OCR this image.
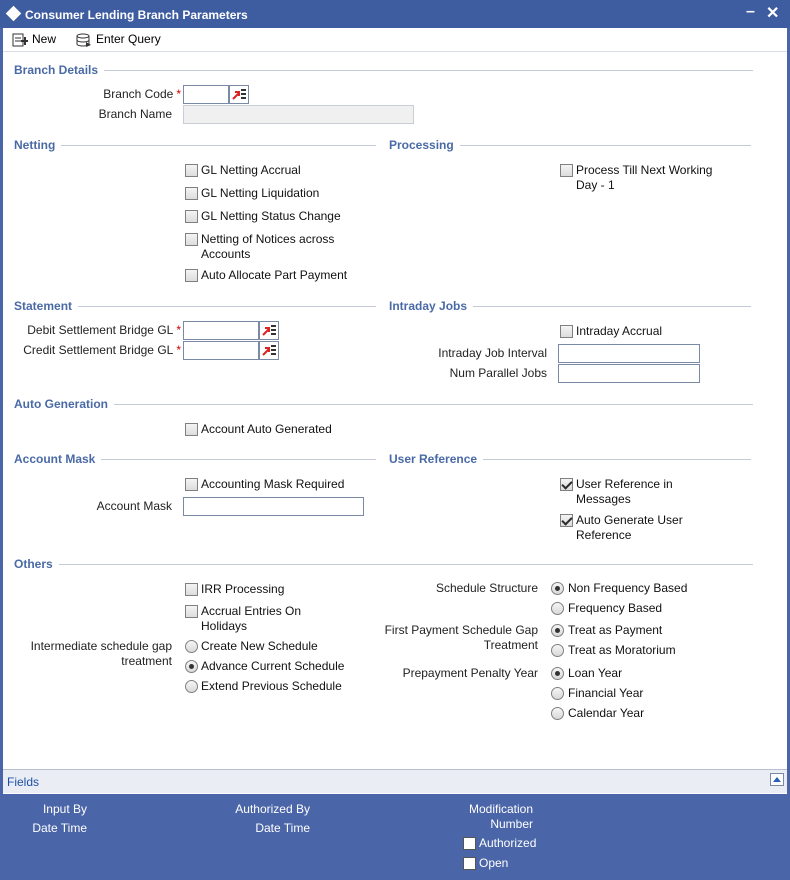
Consumer Lending Branch Parameters	– ✕
New	Enter Query
Branch Details
Branch Code *
Branch Name
Netting
GL Netting Accrual
GL Netting Liquidation
GL Netting Status Change
Netting of Notices across
Accounts
Auto Allocate Part Payment
Processing
Process Till Next Working
Day - 1
Statement
Debit Settlement Bridge GL *
Credit Settlement Bridge GL *
Intraday Jobs
Intraday Accrual
Intraday Job Interval
Num Parallel Jobs
Auto Generation
Account Auto Generated
Account Mask
Accounting Mask Required
Account Mask
User Reference
User Reference in
Messages
Auto Generate User
Reference
Others
IRR Processing
Accrual Entries On
Holidays
Intermediate schedule gap
treatment
Create New Schedule
Advance Current Schedule
Extend Previous Schedule
Schedule Structure	Non Frequency Based
Frequency Based
First Payment Schedule Gap
Treatment
Treat as Payment
Treat as Moratorium
Prepayment Penalty Year	Loan Year
Financial Year
Calendar Year
Fields
Input By
Date Time
Authorized By
Date Time
Modification
Number
Authorized
Open
